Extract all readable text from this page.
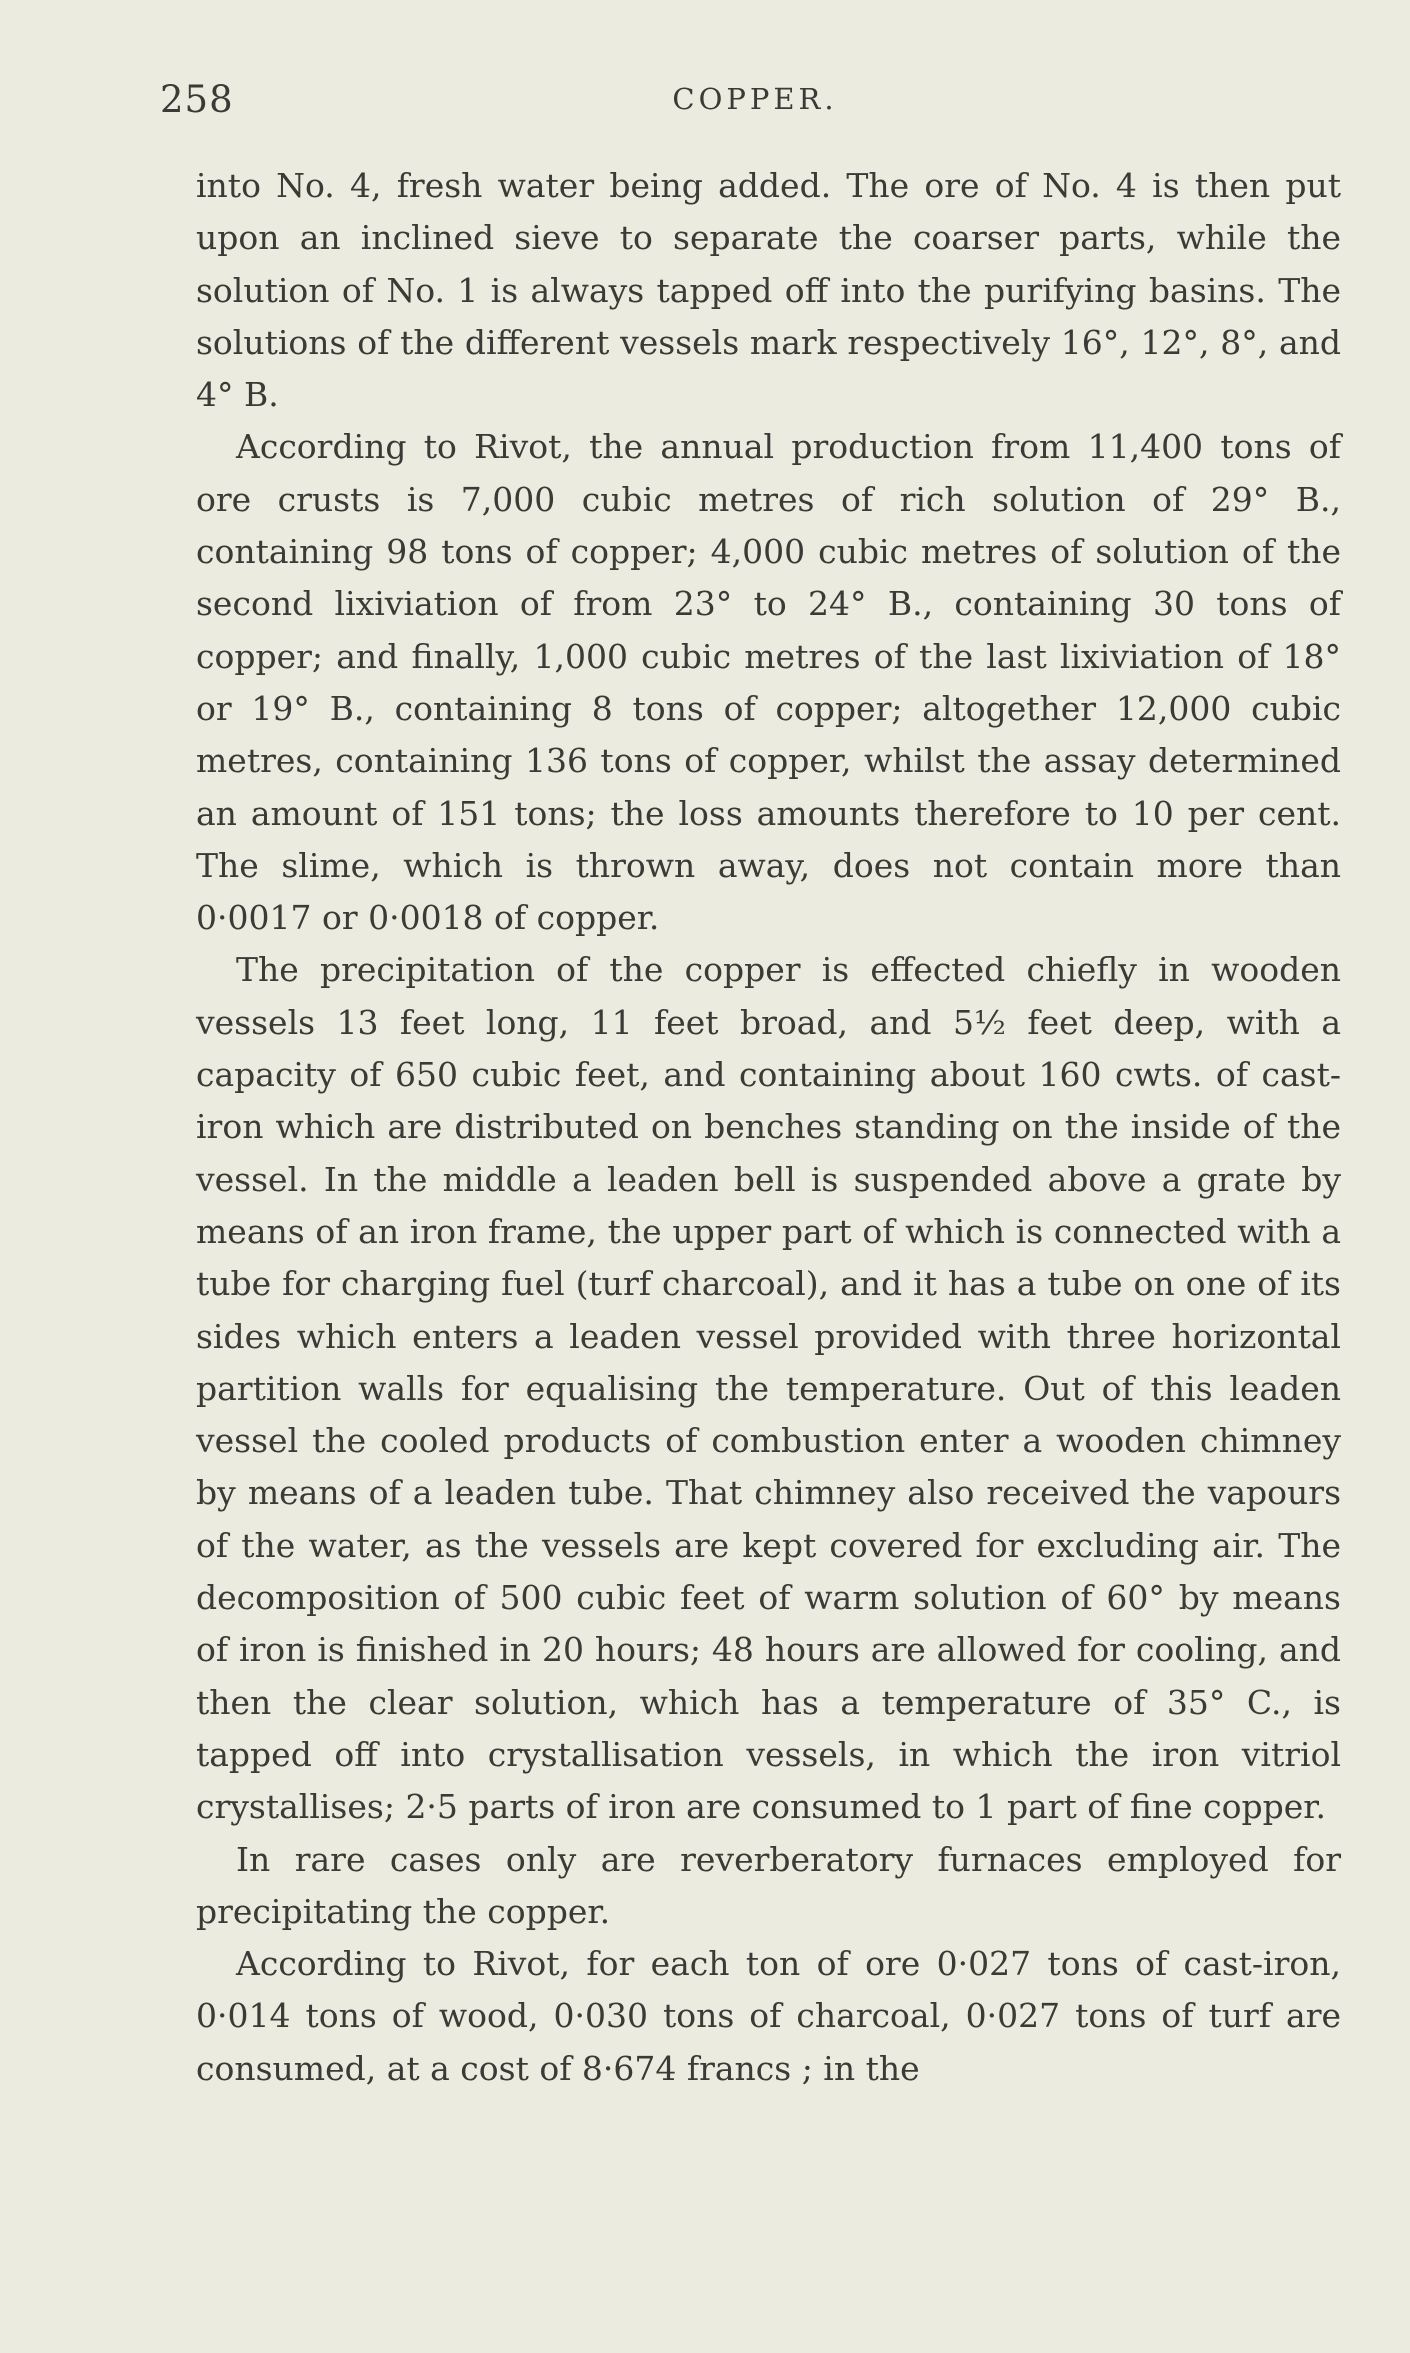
258	COPPER.

into No. 4, fresh water being added. The ore of No. 4 is then put upon an inclined sieve to separate the coarser parts, while the solution of No. 1 is always tapped off into the purifying basins. The solutions of the different vessels mark respectively 16°, 12°, 8°, and 4° B.

According to Rivot, the annual production from 11,400 tons of ore crusts is 7,000 cubic metres of rich solution of 29° B., containing 98 tons of copper; 4,000 cubic metres of solution of the second lixiviation of from 23° to 24° B., containing 30 tons of copper; and finally, 1,000 cubic metres of the last lixiviation of 18° or 19° B., containing 8 tons of copper; altogether 12,000 cubic metres, containing 136 tons of copper, whilst the assay determined an amount of 151 tons; the loss amounts therefore to 10 per cent. The slime, which is thrown away, does not contain more than 0·0017 or 0·0018 of copper.

The precipitation of the copper is effected chiefly in wooden vessels 13 feet long, 11 feet broad, and 5½ feet deep, with a capacity of 650 cubic feet, and containing about 160 cwts. of cast-iron which are distributed on benches standing on the inside of the vessel. In the middle a leaden bell is suspended above a grate by means of an iron frame, the upper part of which is connected with a tube for charging fuel (turf charcoal), and it has a tube on one of its sides which enters a leaden vessel provided with three horizontal partition walls for equalising the temperature. Out of this leaden vessel the cooled products of combustion enter a wooden chimney by means of a leaden tube. That chimney also received the vapours of the water, as the vessels are kept covered for excluding air. The decomposition of 500 cubic feet of warm solution of 60° by means of iron is finished in 20 hours; 48 hours are allowed for cooling, and then the clear solution, which has a temperature of 35° C., is tapped off into crystallisation vessels, in which the iron vitriol crystallises; 2·5 parts of iron are consumed to 1 part of fine copper.

In rare cases only are reverberatory furnaces employed for precipitating the copper.

According to Rivot, for each ton of ore 0·027 tons of cast-iron, 0·014 tons of wood, 0·030 tons of charcoal, 0·027 tons of turf are consumed, at a cost of 8·674 francs ; in the
